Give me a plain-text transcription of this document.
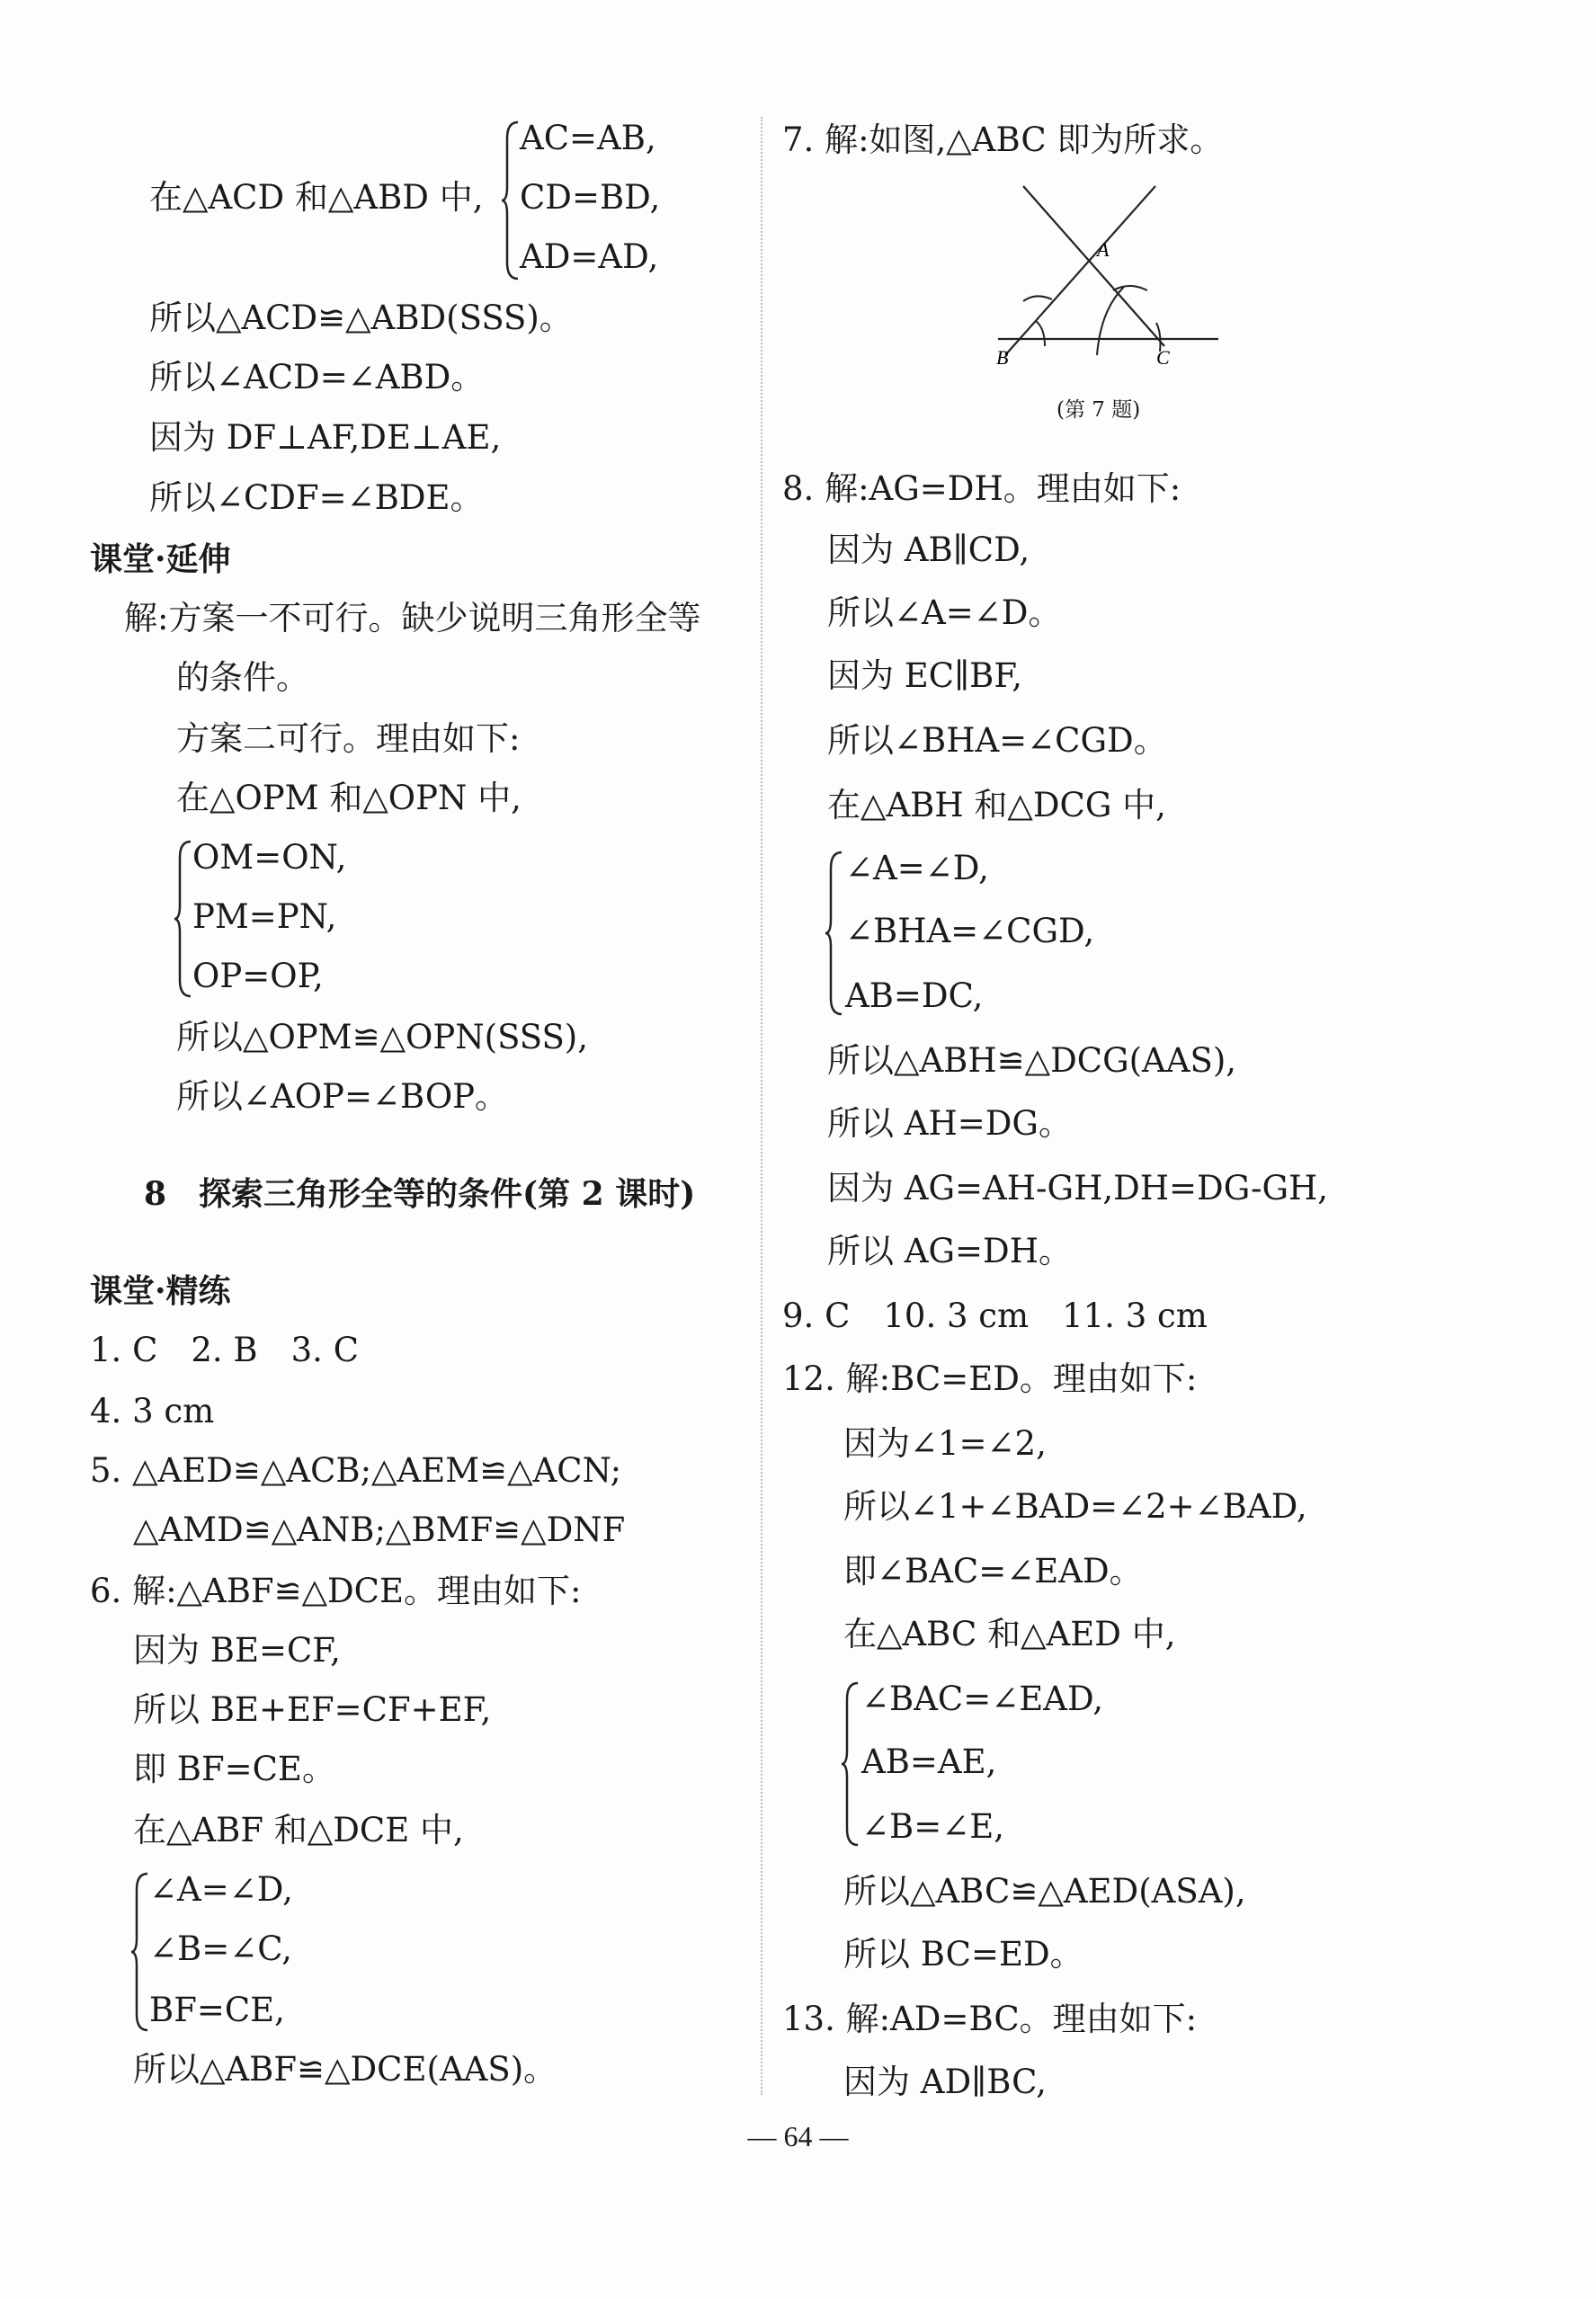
AC=AB,
在△ACD 和△ABD 中, CD=BD,
AD=AD,
所以△ACD≌△ABD(SSS)。
所以∠ACD=∠ABD。
因为 DF⊥AF,DE⊥AE,
所以∠CDF=∠BDE。
课堂·延伸
解:方案一不可行。缺少说明三角形全等
的条件。
方案二可行。理由如下:
在△OPM 和△OPN 中,
OM=ON,
PM=PN,
OP=OP,
所以△OPM≌△OPN(SSS),
所以∠AOP=∠BOP。
8　探索三角形全等的条件(第 2 课时)
课堂·精练
1. C　2. B　3. C
4. 3 cm
5. △AED≌△ACB;△AEM≌△ACN;
△AMD≌△ANB;△BMF≌△DNF
6. 解:△ABF≌△DCE。理由如下:
因为 BE=CF,
所以 BE+EF=CF+EF,
即 BF=CE。
在△ABF 和△DCE 中,
∠A=∠D,
∠B=∠C,
BF=CE,
所以△ABF≌△DCE(AAS)。
7. 解:如图,△ABC 即为所求。
A
B	C
(第 7 题)
8. 解:AG=DH。理由如下:
因为 AB∥CD,
所以∠A=∠D。
因为 EC∥BF,
所以∠BHA=∠CGD。
在△ABH 和△DCG 中,
∠A=∠D,
∠BHA=∠CGD,
AB=DC,
所以△ABH≌△DCG(AAS),
所以 AH=DG。
因为 AG=AH-GH,DH=DG-GH,
所以 AG=DH。
9. C　10. 3 cm　11. 3 cm
12. 解:BC=ED。理由如下:
因为∠1=∠2,
所以∠1+∠BAD=∠2+∠BAD,
即∠BAC=∠EAD。
在△ABC 和△AED 中,
∠BAC=∠EAD,
AB=AE,
∠B=∠E,
所以△ABC≌△AED(ASA),
所以 BC=ED。
13. 解:AD=BC。理由如下:
因为 AD∥BC,
— 64 —
